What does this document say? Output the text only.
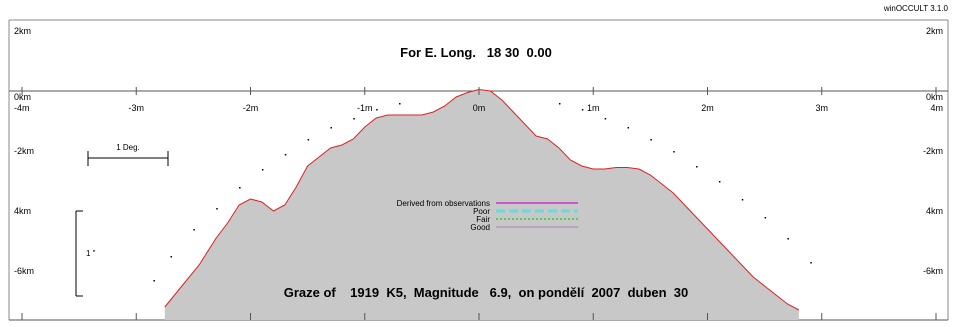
winOCCULT 3.1.0
-4m	-3m	-2m	-1m	0m	1m	2m	3m	4m
2km
0km
-2km
4km
-6km
2km
0km
-2km
4km
-6km
For E. Long.   18 30  0.00
1 Deg.
1 "
Derived from observations
Poor
Fair
Good
Graze of    1919  K5,  Magnitude   6.9,  on pondělí  2007  duben  30
